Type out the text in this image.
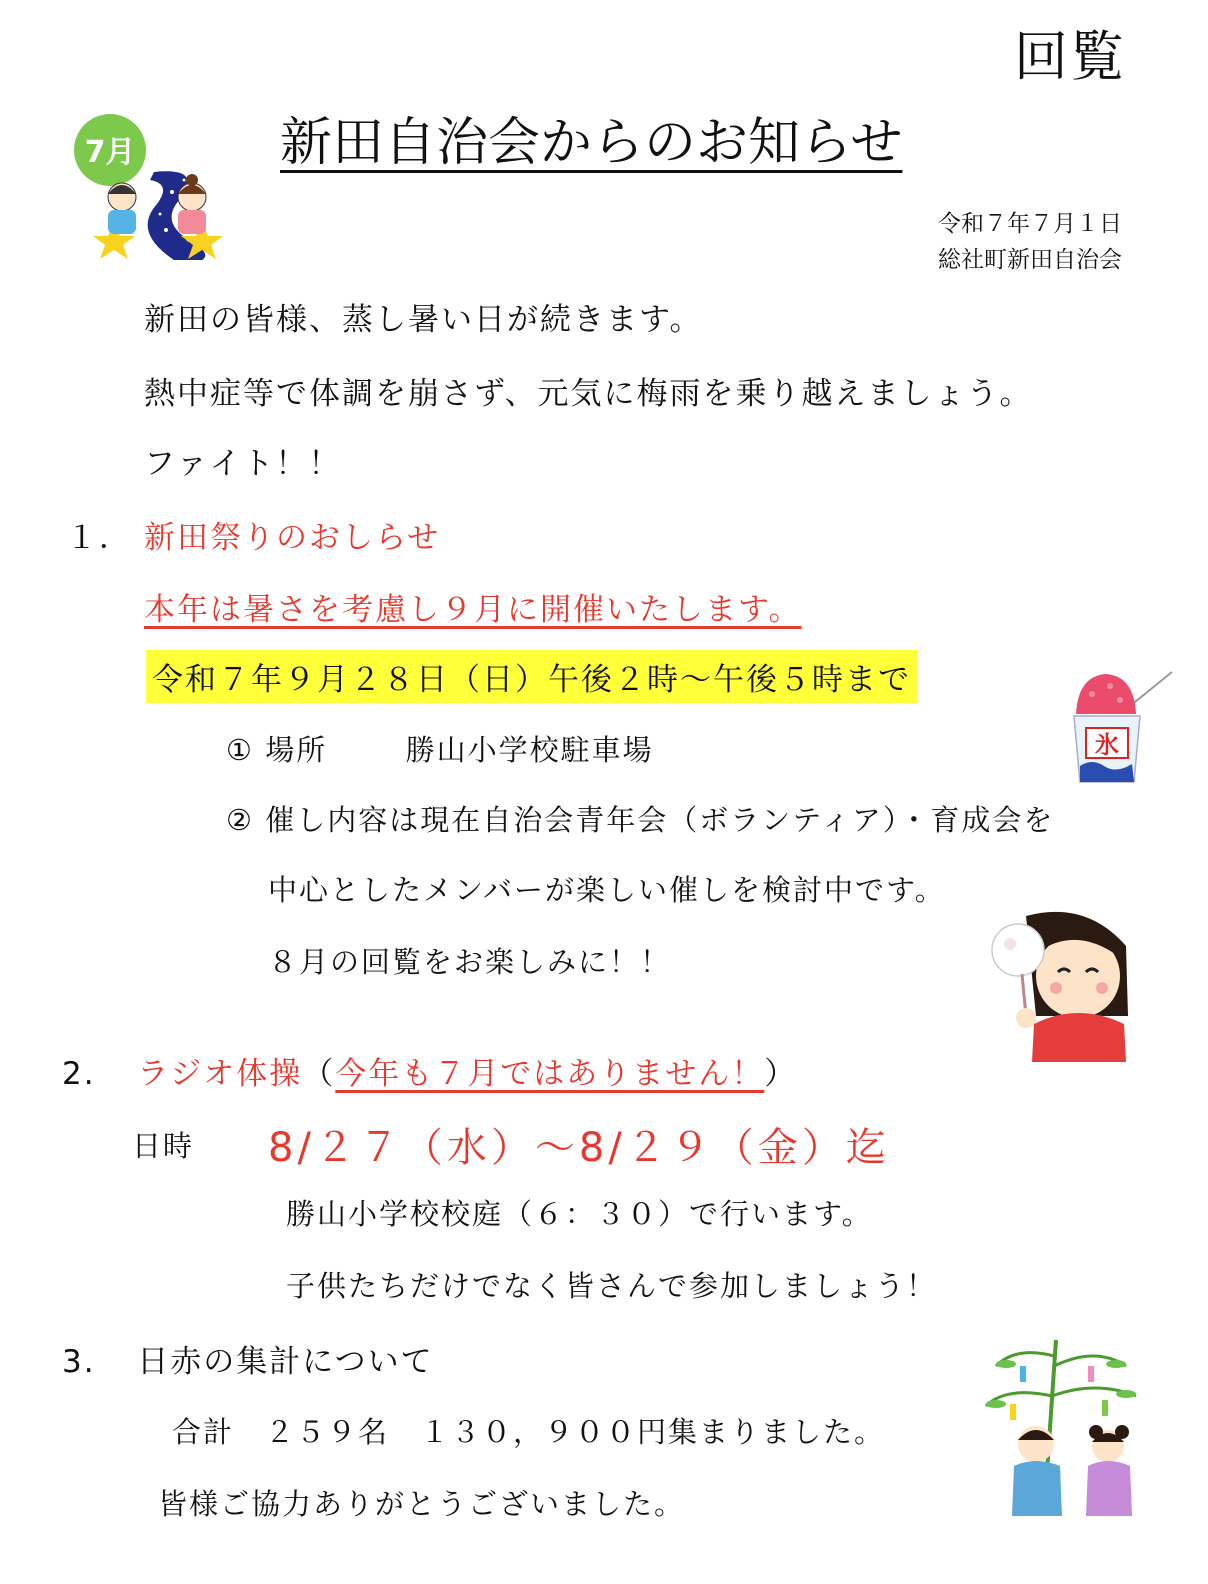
回覧
7月	新田自治会からのお知らせ
令和７年７月１日
総社町新田自治会
新田の皆様、蒸し暑い日が続きます。
熱中症等で体調を崩さず、元気に梅雨を乗り越えましょう。
ファイト！！
１． 新田祭りのおしらせ
本年は暑さを考慮し９月に開催いたします。
令和７年９月２８日（日）午後２時～午後５時まで
① 場所	勝山小学校駐車場
② 催し内容は現在自治会青年会（ボランティア）・育成会を
中心としたメンバーが楽しい催しを検討中です。
８月の回覧をお楽しみに！！
氷
2. ラジオ体操（今年も７月ではありません！）
日時 8/２７（水）～8/２９（金）迄
勝山小学校校庭（６：３０）で行います。
子供たちだけでなく皆さんで参加しましょう！
3. 日赤の集計について
合計　２５９名　１３０，９００円集まりました。
皆様ご協力ありがとうございました。
